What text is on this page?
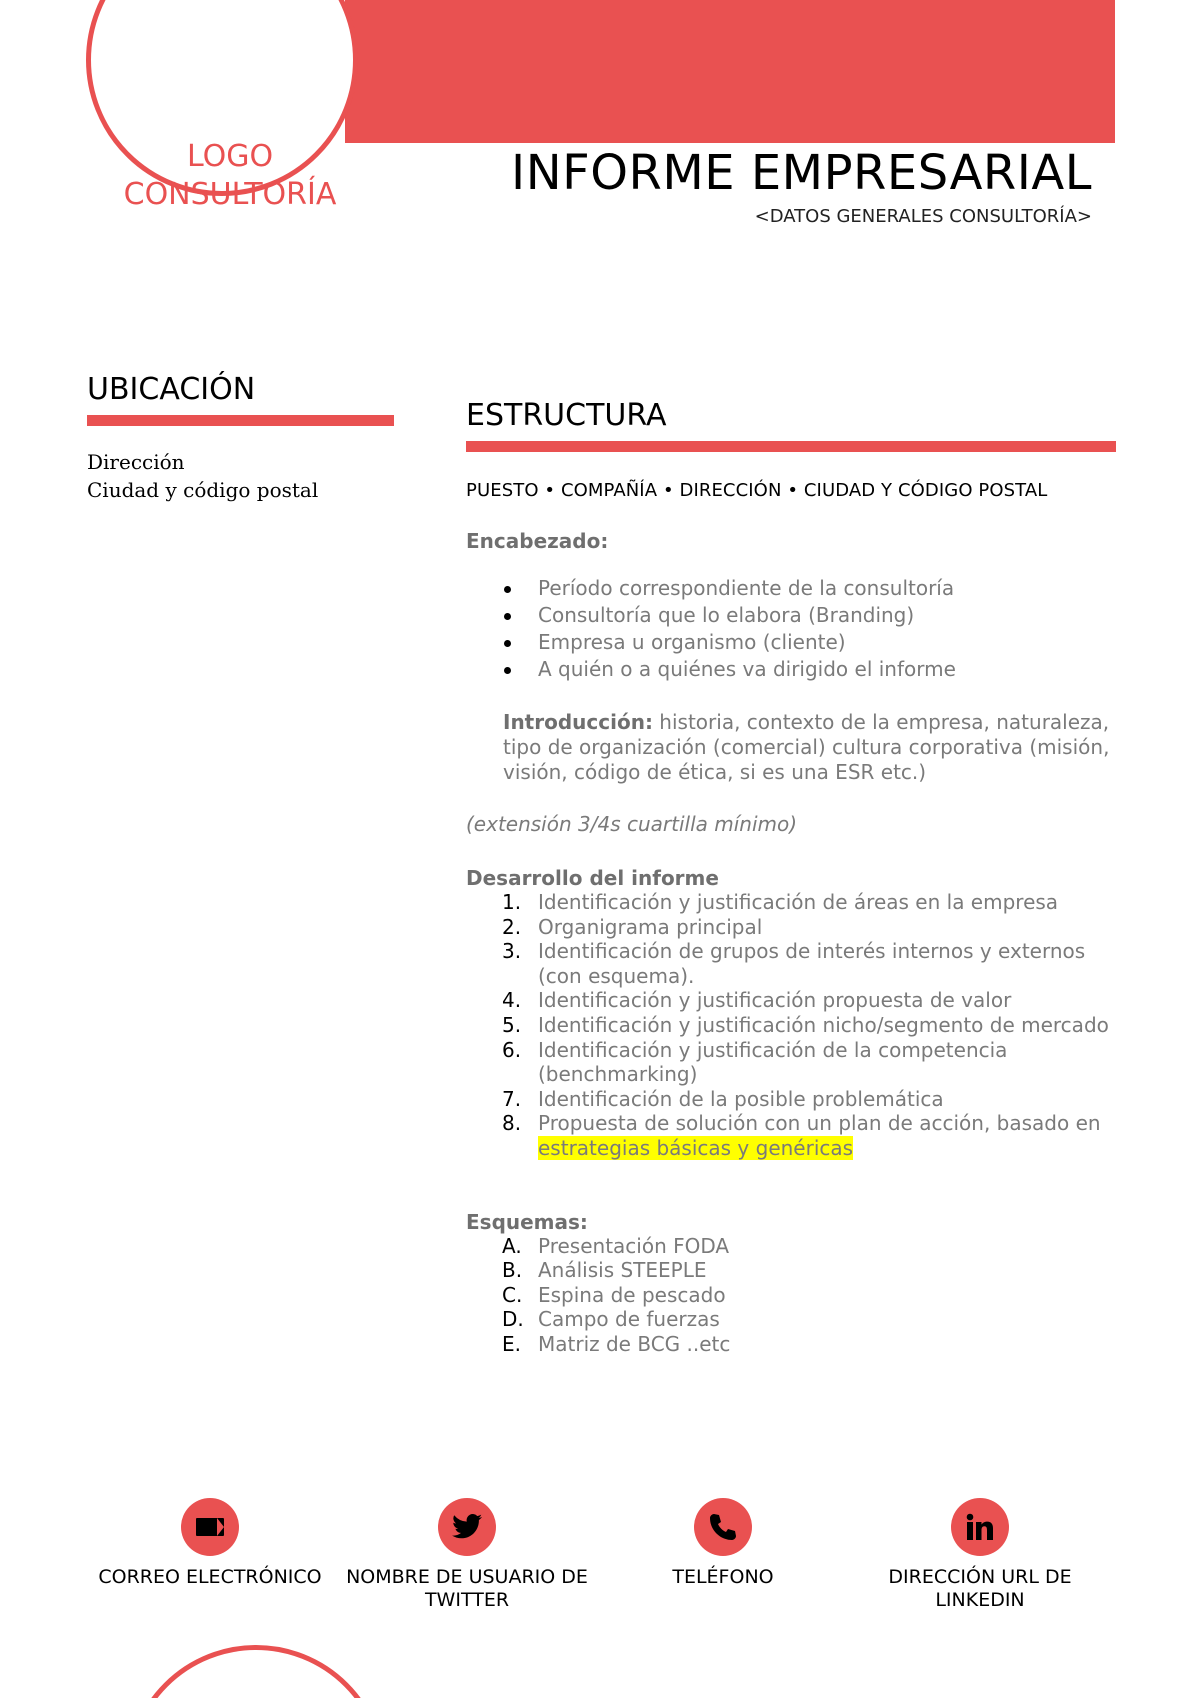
LOGO CONSULTORÍA	INFORME EMPRESARIAL
<DATOS GENERALES CONSULTORÍA>
UBICACIÓN
Dirección
Ciudad y código postal
ESTRUCTURA
PUESTO • COMPAÑÍA • DIRECCIÓN • CIUDAD Y CÓDIGO POSTAL
Encabezado:
Período correspondiente de la consultoría
Consultoría que lo elabora (Branding)
Empresa u organismo (cliente)
A quién o a quiénes va dirigido el informe
Introducción: historia, contexto de la empresa, naturaleza, tipo de organización (comercial) cultura corporativa (misión, visión, código de ética, si es una ESR etc.)
(extensión 3/4s cuartilla mínimo)
Desarrollo del informe
1. Identificación y justificación de áreas en la empresa
2. Organigrama principal
3. Identificación de grupos de interés internos y externos (con esquema).
4. Identificación y justificación propuesta de valor
5. Identificación y justificación nicho/segmento de mercado
6. Identificación y justificación de la competencia (benchmarking)
7. Identificación de la posible problemática
8. Propuesta de solución con un plan de acción, basado en estrategias básicas y genéricas
Esquemas:
A. Presentación FODA
B. Análisis STEEPLE
C. Espina de pescado
D. Campo de fuerzas
E. Matriz de BCG ..etc
CORREO ELECTRÓNICO	NOMBRE DE USUARIO DE TWITTER
TELÉFONO	DIRECCIÓN URL DE LINKEDIN
